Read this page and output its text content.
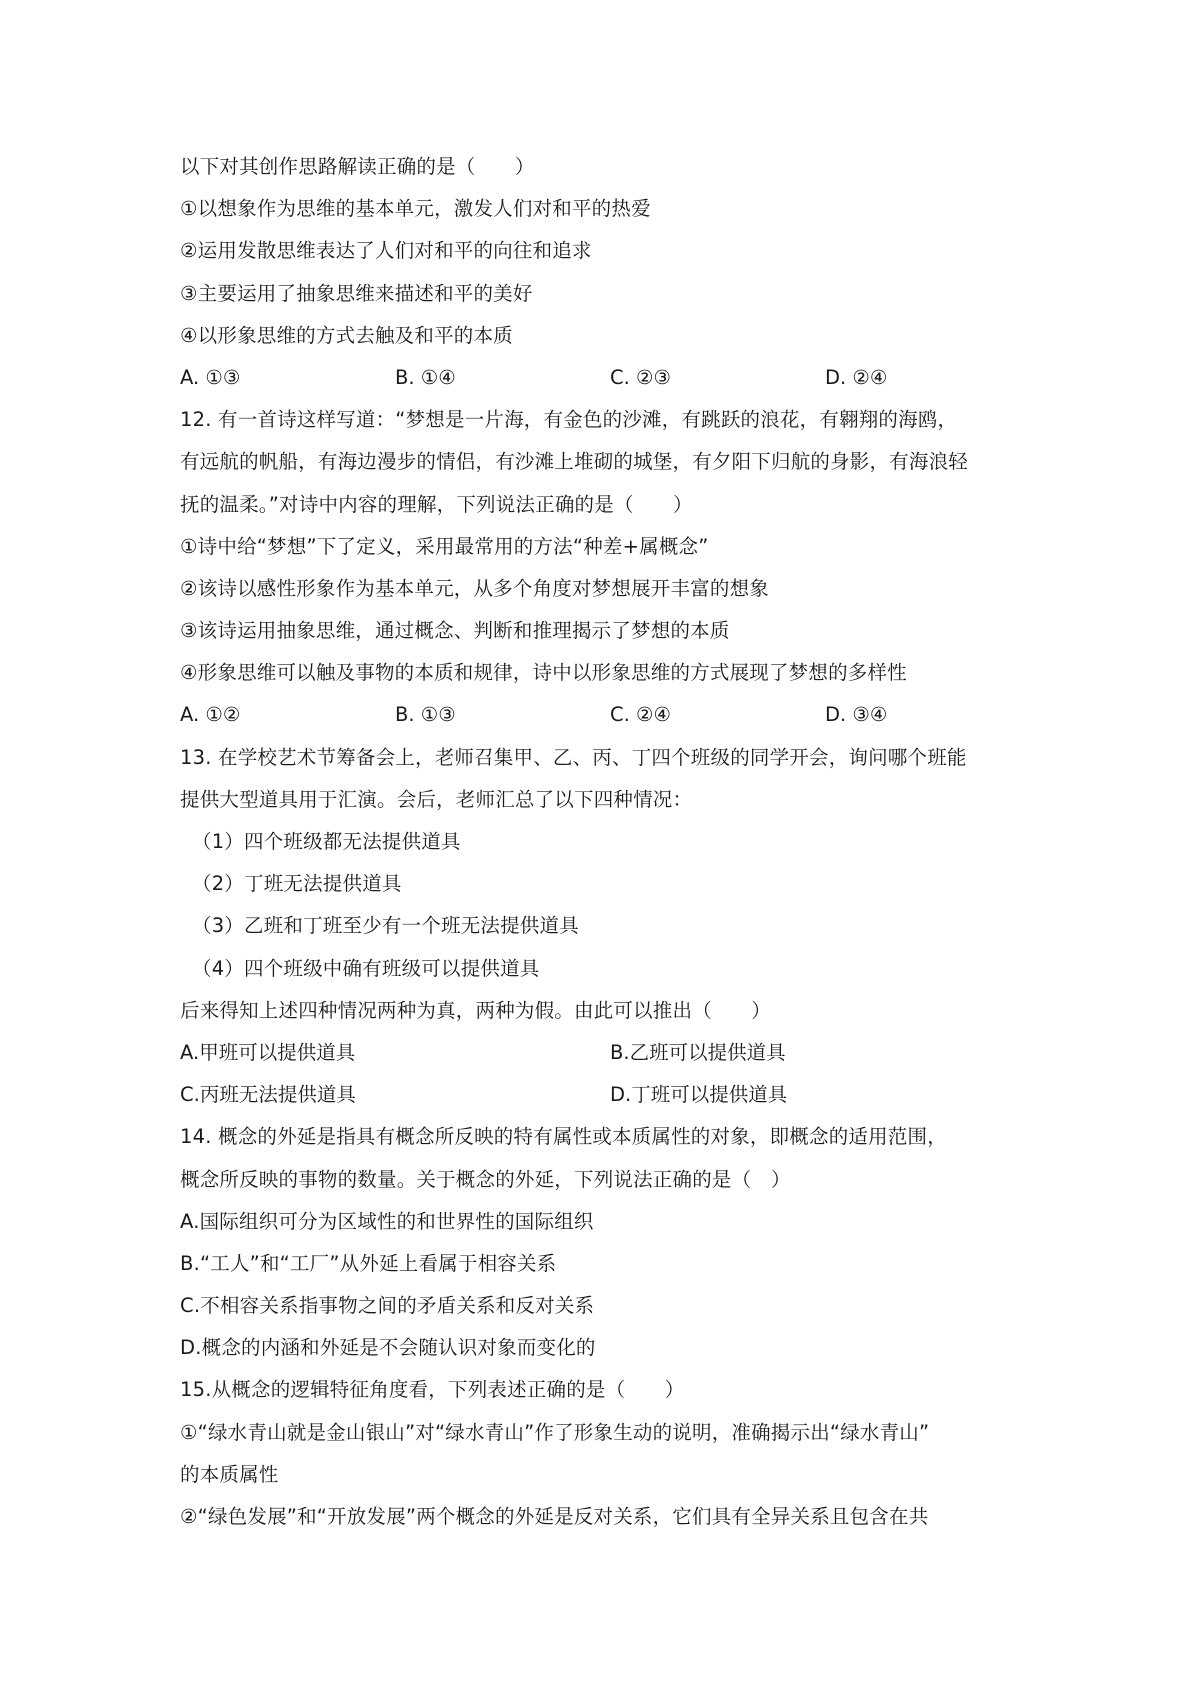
以下对其创作思路解读正确的是（　　）
①以想象作为思维的基本单元，激发人们对和平的热爱
②运用发散思维表达了人们对和平的向往和追求
③主要运用了抽象思维来描述和平的美好
④以形象思维的方式去触及和平的本质
A. ①③	B. ①④	C. ②③	D. ②④
12. 有一首诗这样写道：“梦想是一片海，有金色的沙滩，有跳跃的浪花，有翱翔的海鸥，
有远航的帆船，有海边漫步的情侣，有沙滩上堆砌的城堡，有夕阳下归航的身影，有海浪轻
抚的温柔。”对诗中内容的理解，下列说法正确的是（　　）
①诗中给“梦想”下了定义，采用最常用的方法“种差+属概念”
②该诗以感性形象作为基本单元，从多个角度对梦想展开丰富的想象
③该诗运用抽象思维，通过概念、判断和推理揭示了梦想的本质
④形象思维可以触及事物的本质和规律，诗中以形象思维的方式展现了梦想的多样性
A. ①②	B. ①③	C. ②④	D. ③④
13. 在学校艺术节筹备会上，老师召集甲、乙、丙、丁四个班级的同学开会，询问哪个班能
提供大型道具用于汇演。会后，老师汇总了以下四种情况：
（1）四个班级都无法提供道具
（2）丁班无法提供道具
（3）乙班和丁班至少有一个班无法提供道具
（4）四个班级中确有班级可以提供道具
后来得知上述四种情况两种为真，两种为假。由此可以推出（　　）
A.甲班可以提供道具	B.乙班可以提供道具
C.丙班无法提供道具	D.丁班可以提供道具
14. 概念的外延是指具有概念所反映的特有属性或本质属性的对象，即概念的适用范围，
概念所反映的事物的数量。关于概念的外延，下列说法正确的是（　）
A.国际组织可分为区域性的和世界性的国际组织
B.“工人”和“工厂”从外延上看属于相容关系
C.不相容关系指事物之间的矛盾关系和反对关系
D.概念的内涵和外延是不会随认识对象而变化的
15.从概念的逻辑特征角度看，下列表述正确的是（　　）
①“绿水青山就是金山银山”对“绿水青山”作了形象生动的说明，准确揭示出“绿水青山”
的本质属性
②“绿色发展”和“开放发展”两个概念的外延是反对关系，它们具有全异关系且包含在共
